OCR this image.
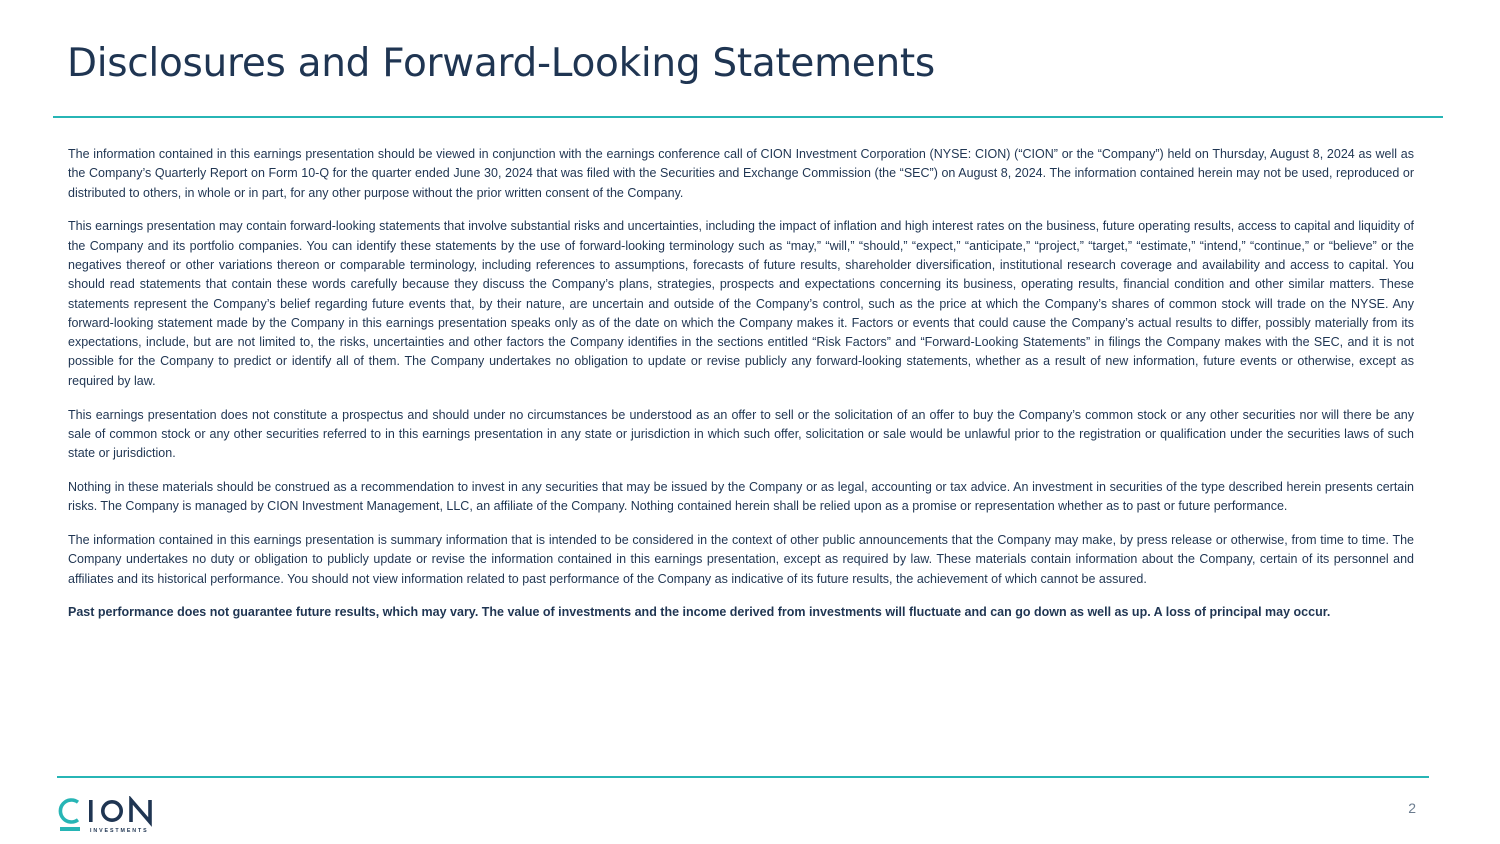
Disclosures and Forward-Looking Statements

The information contained in this earnings presentation should be viewed in conjunction with the earnings conference call of CION Investment Corporation (NYSE: CION) (“CION” or the “Company”) held on Thursday, August 8, 2024 as well as the Company’s Quarterly Report on Form 10-Q for the quarter ended June 30, 2024 that was filed with the Securities and Exchange Commission (the “SEC”) on August 8, 2024. The information contained herein may not be used, reproduced or distributed to others, in whole or in part, for any other purpose without the prior written consent of the Company.

This earnings presentation may contain forward-looking statements that involve substantial risks and uncertainties, including the impact of inflation and high interest rates on the business, future operating results, access to capital and liquidity of the Company and its portfolio companies. You can identify these statements by the use of forward-looking terminology such as “may,” “will,” “should,” “expect,” “anticipate,” “project,” “target,” “estimate,” “intend,” “continue,” or “believe” or the negatives thereof or other variations thereon or comparable terminology, including references to assumptions, forecasts of future results, shareholder diversification, institutional research coverage and availability and access to capital. You should read statements that contain these words carefully because they discuss the Company’s plans, strategies, prospects and expectations concerning its business, operating results, financial condition and other similar matters. These statements represent the Company’s belief regarding future events that, by their nature, are uncertain and outside of the Company’s control, such as the price at which the Company’s shares of common stock will trade on the NYSE. Any forward-looking statement made by the Company in this earnings presentation speaks only as of the date on which the Company makes it. Factors or events that could cause the Company’s actual results to differ, possibly materially from its expectations, include, but are not limited to, the risks, uncertainties and other factors the Company identifies in the sections entitled “Risk Factors” and “Forward-Looking Statements” in filings the Company makes with the SEC, and it is not possible for the Company to predict or identify all of them. The Company undertakes no obligation to update or revise publicly any forward-looking statements, whether as a result of new information, future events or otherwise, except as required by law.

This earnings presentation does not constitute a prospectus and should under no circumstances be understood as an offer to sell or the solicitation of an offer to buy the Company’s common stock or any other securities nor will there be any sale of common stock or any other securities referred to in this earnings presentation in any state or jurisdiction in which such offer, solicitation or sale would be unlawful prior to the registration or qualification under the securities laws of such state or jurisdiction.

Nothing in these materials should be construed as a recommendation to invest in any securities that may be issued by the Company or as legal, accounting or tax advice. An investment in securities of the type described herein presents certain risks. The Company is managed by CION Investment Management, LLC, an affiliate of the Company. Nothing contained herein shall be relied upon as a promise or representation whether as to past or future performance.

The information contained in this earnings presentation is summary information that is intended to be considered in the context of other public announcements that the Company may make, by press release or otherwise, from time to time. The Company undertakes no duty or obligation to publicly update or revise the information contained in this earnings presentation, except as required by law. These materials contain information about the Company, certain of its personnel and affiliates and its historical performance. You should not view information related to past performance of the Company as indicative of its future results, the achievement of which cannot be assured.

Past performance does not guarantee future results, which may vary. The value of investments and the income derived from investments will fluctuate and can go down as well as up. A loss of principal may occur.

INVESTMENTS
2
